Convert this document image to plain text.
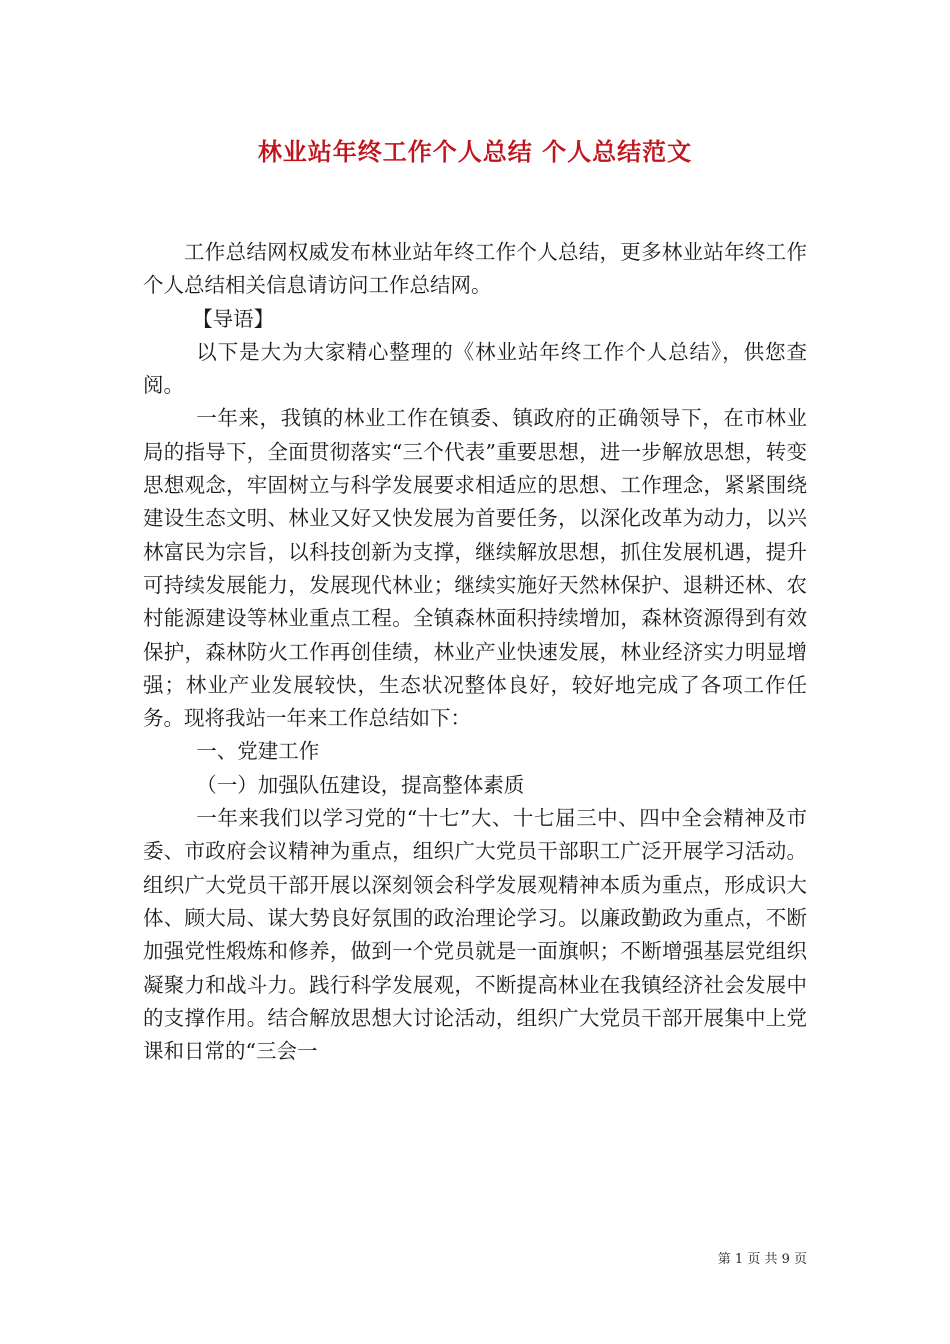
林业站年终工作个人总结 个人总结范文

工作总结网权威发布林业站年终工作个人总结，更多林业站年终工作个人总结相关信息请访问工作总结网。

【导语】

以下是大为大家精心整理的《林业站年终工作个人总结》，供您查阅。

一年来，我镇的林业工作在镇委、镇政府的正确领导下，在市林业局的指导下，全面贯彻落实“三个代表”重要思想，进一步解放思想，转变思想观念，牢固树立与科学发展要求相适应的思想、工作理念，紧紧围绕建设生态文明、林业又好又快发展为首要任务，以深化改革为动力，以兴林富民为宗旨，以科技创新为支撑，继续解放思想，抓住发展机遇，提升可持续发展能力，发展现代林业；继续实施好天然林保护、退耕还林、农村能源建设等林业重点工程。全镇森林面积持续增加，森林资源得到有效保护，森林防火工作再创佳绩，林业产业快速发展，林业经济实力明显增强；林业产业发展较快，生态状况整体良好，较好地完成了各项工作任务。现将我站一年来工作总结如下：

一、党建工作

（一）加强队伍建设，提高整体素质

一年来我们以学习党的“十七”大、十七届三中、四中全会精神及市委、市政府会议精神为重点，组织广大党员干部职工广泛开展学习活动。组织广大党员干部开展以深刻领会科学发展观精神本质为重点，形成识大体、顾大局、谋大势良好氛围的政治理论学习。以廉政勤政为重点，不断加强党性煅炼和修养，做到一个党员就是一面旗帜；不断增强基层党组织凝聚力和战斗力。践行科学发展观，不断提高林业在我镇经济社会发展中的支撑作用。结合解放思想大讨论活动，组织广大党员干部开展集中上党课和日常的“三会一

第 1 页 共 9 页
